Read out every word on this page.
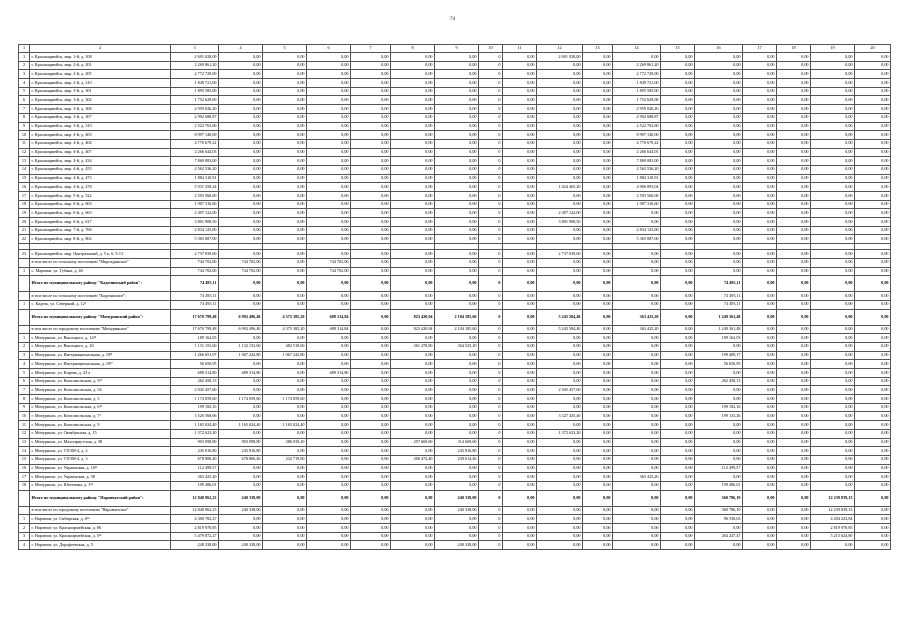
74
1	2	3	4	5	6	7	8	9	10	11	12	13	14	15	16	17	18	19	20
1	г. Красноармейск, мкр. 1-й, д. 108	2 691 028,00	0,00	0,00	0,00	0,00	0,00	0,00	0	0,00	2 691 028,00	0,00	0,00	0,00	0,00	0,00	0,00	0,00	0,00
2	г. Красноармейск, мкр. 2-й, д. 201	2 269 861,20	0,00	0,00	0,00	0,00	0,00	0,00	0	0,00	0,00	0,00	2 269 861,20	0,00	0,00	0,00	0,00	0,00	0,00
3	г. Красноармейск, мкр. 2-й, д. 205	2 772 729,00	0,00	0,00	0,00	0,00	0,00	0,00	0	0,00	0,00	0,00	2 772 729,00	0,00	0,00	0,00	0,00	0,00	0,00
4	г. Красноармейск, мкр. 2-й, д. 210	1 849 721,00	0,00	0,00	0,00	0,00	0,00	0,00	0	0,00	0,00	0,00	1 849 721,00	0,00	0,00	0,00	0,00	0,00	0,00
5	г. Красноармейск, мкр. 3-й, д. 301	1 895 585,00	0,00	0,00	0,00	0,00	0,00	0,00	0	0,00	0,00	0,00	1 895 585,00	0,00	0,00	0,00	0,00	0,00	0,00
6	г. Красноармейск, мкр. 3-й, д. 302	1 752 629,00	0,00	0,00	0,00	0,00	0,00	0,00	0	0,00	0,00	0,00	1 752 629,00	0,00	0,00	0,00	0,00	0,00	0,00
7	г. Красноармейск, мкр. 3-й, д. 306	2 959 026,20	0,00	0,00	0,00	0,00	0,00	0,00	0	0,00	0,00	0,00	2 959 026,20	0,00	0,00	0,00	0,00	0,00	0,00
8	г. Красноармейск, мкр. 3-й, д. 307	2 992 688,87	0,00	0,00	0,00	0,00	0,00	0,00	0	0,00	0,00	0,00	2 992 688,87	0,00	0,00	0,00	0,00	0,00	0,00
9	г. Красноармейск, мкр. 3-й, д. 310	2 522 763,60	0,00	0,00	0,00	0,00	0,00	0,00	0	0,00	0,00	0,00	2 522 763,60	0,00	0,00	0,00	0,00	0,00	0,00
10	г. Красноармейск, мкр. 4-й, д. 403	8 997 140,00	0,00	0,00	0,00	0,00	0,00	0,00	0	0,00	0,00	0,00	8 997 140,00	0,00	0,00	0,00	0,00	0,00	0,00
11	г. Красноармейск, мкр. 4-й, д. 404	4 770 679,22	0,00	0,00	0,00	0,00	0,00	0,00	0	0,00	0,00	0,00	4 770 679,22	0,00	0,00	0,00	0,00	0,00	0,00
12	г. Красноармейск, мкр. 4-й, д. 407	2 266 644,05	0,00	0,00	0,00	0,00	0,00	0,00	0	0,00	0,00	0,00	2 266 644,05	0,00	0,00	0,00	0,00	0,00	0,00
13	г. Красноармейск, мкр. 4-й, д. 434	7 869 083,00	0,00	0,00	0,00	0,00	0,00	0,00	0	0,00	0,00	0,00	7 869 083,00	0,00	0,00	0,00	0,00	0,00	0,00
14	г. Красноармейск, мкр. 4-й, д. 455	2 562 536,20	0,00	0,00	0,00	0,00	0,00	0,00	0	0,00	0,00	0,00	2 562 536,20	0,00	0,00	0,00	0,00	0,00	0,00
15	г. Красноармейск, мкр. 4-й, д. 473	1 884 310,91	0,00	0,00	0,00	0,00	0,00	0,00	0	0,00	0,00	0,00	1 884 310,91	0,00	0,00	0,00	0,00	0,00	0,00
16	г. Красноармейск, мкр. 4-й, д. 478	5 931 358,24	0,00	0,00	0,00	0,00	0,00	0,00	0	0,00	1 024 465,20	0,00	4 906 893,04	0,00	0,00	0,00	0,00	0,00	0,00
17	г. Красноармейск, мкр. 5-й, д. 522	2 593 560,00	0,00	0,00	0,00	0,00	0,00	0,00	0	0,00	0,00	0,00	2 593 560,00	0,00	0,00	0,00	0,00	0,00	0,00
18	г. Красноармейск, мкр. 6-й, д. 603	1 907 316,60	0,00	0,00	0,00	0,00	0,00	0,00	0	0,00	0,00	0,00	1 907 316,60	0,00	0,00	0,00	0,00	0,00	0,00
19	г. Красноармейск, мкр. 6-й, д. 663	2 497 122,00	0,00	0,00	0,00	0,00	0,00	0,00	0	0,00	2 497 122,00	0,00	0,00	0,00	0,00	0,00	0,00	0,00	0,00
20	г. Красноармейск, мкр. 6-й, д. 617	3 801 908,50	0,00	0,00	0,00	0,00	0,00	0,00	0	0,00	3 801 908,50	0,00	0,00	0,00	0,00	0,00	0,00	0,00	0,00
21	г. Красноармейск, мкр. 7-й, д. 706	2 834 125,00	0,00	0,00	0,00	0,00	0,00	0,00	0	0,00	0,00	0,00	2 834 125,00	0,00	0,00	0,00	0,00	0,00	0,00
22	г. Красноармейск, мкр. 8-й, д. 802	5 365 087,00	0,00	0,00	0,00	0,00	0,00	0,00	0	0,00	0,00	0,00	5 365 087,00	0,00	0,00	0,00	0,00	0,00	0,00

23	г. Красноармейск, мкр. Центральный, д. 5 к. 6, 5-13	2 737 039,60	0,00	0,00	0,00	0,00	0,00	0,00	0	0,00	2 737 039,60	0,00	0,00	0,00	0,00	0,00	0,00	0,00	0,00
	в том числе по сельскому поселению "Мирсадынское"	744 702,00	744 702,00	0,00	744 702,00	0,00	0,00	0,00	0	0,00	0,00	0,00	0,00	0,00	0,00	0,00	0,00	0,00	0,00
1	с. Марчаки, ул. Губина, д. 46	744 702,00	744 702,00	0,00	744 702,00	0,00	0,00	0,00	0	0,00	0,00	0,00	0,00	0,00	0,00	0,00	0,00	0,00	0,00
	Итого по муниципальному району "Кадочинский район":	74 495,11	0,00	0,00	0,00	0,00	0,00	0,00	0	0,00	0,00	0,00	0,00	0,00	74 495,11	0,00	0,00	0,00	0,00
	в том числе по сельскому поселению "Кадочинское":	74 495,11	0,00	0,00	0,00	0,00	0,00	0,00	0	0,00	0,00	0,00	0,00	0,00	74 495,11	0,00	0,00	0,00	0,00
1	с. Кадочь, ул. Северный, д. 12¹	74 495,11	0,00	0,00	0,00	0,00	0,00	0,00	0	0,00	0,00	0,00	0,00	0,00	74 495,11	0,00	0,00	0,00	0,00
	Итого по муниципальному району "Мичуринский район":	17 670 799,48	6 992 496,40	4 375 385,20	688 314,84	0,00	823 420,94	2 104 185,60	0	0,00	5 245 584,40	0,00	363 425,20	0,00	1 249 361,48	0,00	0,00	0,00	0,00
	в том числе по городскому поселению "Мичуринское"	17 670 799,48	6 992 496,40	4 375 385,20	688 314,84	0,00	823 420,94	2 104 185,60	0	0,00	5 245 584,40	0,00	363 425,20	0,00	1 249 361,48	0,00	0,00	0,00	0,00
1	г. Мичуринск, ул. Высоцкого, д. 14¹²	189 162,03	0,00	0,00	0,00	0,00	0,00	0,00	0	0,00	0,00	0,00	0,00	0,00	189 162,03	0,00	0,00	0,00	0,00
2	г. Мичуринск, ул. Высоцкого, д. 20	1 131 153,60	1 132 153,60	482 519,60	0,00	0,00	361 478,80	364 525,20	0	0,00	0,00	0,00	0,00	0,00	0,00	0,00	0,00	0,00	0,00
3	г. Мичуринск, ул. Интернациональная, д. 10²¹	1 266 651,97	1 067 242,80	1 067 242,80	0,00	0,00	0,00	0,00	0	0,00	0,00	0,00	0,00	0,00	199 409,17	0,00	0,00	0,00	0,00
4	г. Мичуринск, ул. Интернациональная, д. 10²⁷	56 650,95	0,00	0,00	0,00	0,00	0,00	0,00	0	0,00	0,00	0,00	0,00	0,00	56 650,95	0,00	0,00	0,00	0,00
5	г. Мичуринск, ул. Кирова, д. 23 а	689 314,80	689 314,80	0,00	689 314,80	0,00	0,00	0,00	0	0,00	0,00	0,00	0,00	0,00	0,00	0,00	0,00	0,00	0,00
6	г. Мичуринск, ул. Комсомольская, д. 5²¹	262 458,13	0,00	0,00	0,00	0,00	0,00	0,00	0	0,00	0,00	0,00	0,00	0,00	262 458,13	0,00	0,00	0,00	0,00
7	г. Мичуринск, ул. Комсомольская, д. 34	2 945 457,60	0,00	0,00	0,00	0,00	0,00	0,00	0	0,00	2 945 457,60	0,00	0,00	0,00	0,00	0,00	0,00	0,00	0,00
8	г. Мичуринск, ул. Комсомольская, д. 5	1 174 059,60	1 174 059,60	1 174 059,60	0,00	0,00	0,00	0,00	0	0,00	0,00	0,00	0,00	0,00	0,00	0,00	0,00	0,00	0,00
9	г. Мичуринск, ул. Комсомольская, д. 6¹²	199 182,16	0,00	0,00	0,00	0,00	0,00	0,00	0	0,00	0,00	0,00	0,00	0,00	199 182,16	0,00	0,00	0,00	0,00
10	г. Мичуринск, ул. Комсомольская, д. 7¹	3 526 568,66	0,00	0,00	0,00	0,00	0,00	0,00	0	0,00	3 327 435,40	0,00	0,00	0,00	199 133,26	0,00	0,00	0,00	0,00
11	г. Мичуринск, ул. Комсомольская, д. 9	1 165 024,40	1 165 024,40	1 165 024,40	0,00	0,00	0,00	0,00	0	0,00	0,00	0,00	0,00	0,00	0,00	0,00	0,00	0,00	0,00
12	г. Мичуринск, ул. Октябрьская, д. 15	1 372 623,20	0,00	0,00	0,00	0,00	0,00	0,00	0	0,00	1 372 623,20	0,00	0,00	0,00	0,00	0,00	0,00	0,00	0,00
13	г. Мичуринск, ул. Малоприутская, д. 38	903 098,80	903 098,80	386 039,20	0,00	0,00	257 669,60	314 669,60	0	0,00	0,00	0,00	0,00	0,00	0,00	0,00	0,00	0,00	0,00
14	г. Мичуринск, ул. ТХЭМ-4, д. 2	245 816,80	245 816,80	0,00	0,00	0,00	0,00	245 816,80	0	0,00	0,00	0,00	0,00	0,00	0,00	0,00	0,00	0,00	0,00
15	г. Мичуринск, ул. ТХЭМ-4, д. 3	678 806,40	678 806,40	232 719,60	0,00	0,00	206 472,40	239 614,40	0	0,00	0,00	0,00	0,00	0,00	0,00	0,00	0,00	0,00	0,00
16	г. Мичуринск, ул. Украинская, д. 16¹¹	112 499,57	0,00	0,00	0,00	0,00	0,00	0,00	0	0,00	0,00	0,00	0,00	0,00	112 499,57	0,00	0,00	0,00	0,00
17	г. Мичуринск, ул. Украинская, д. 38	363 425,20	0,00	0,00	0,00	0,00	0,00	0,00	0	0,00	0,00	0,00	363 425,20	0,00	0,00	0,00	0,00	0,00	0,00
18	г. Мичуринск, ул. Шехтмана, д. 3¹²	199 486,01	0,00	0,00	0,00	0,00	0,00	0,00	0	0,00	0,00	0,00	0,00	0,00	199 486,01	0,00	0,00	0,00	0,00
	Итого по муниципальному району "Наровчатский район":	12 840 962,23	240 338,00	0,00	0,00	0,00	0,00	240 338,00	0	0,00	0,00	0,00	0,00	0,00	360 786,10	0,00	0,00	12 239 839,13	0,00
	в том числе по городскому поселению "Наровчатское"	12 840 962,23	240 338,00	0,00	0,00	0,00	0,00	240 338,00	0	0,00	0,00	0,00	0,00	0,00	360 786,10	0,00	0,00	12 239 839,13	0,00
1	г. Наровчат, ул. Сибирская, д. 6¹²	4 300 782,47	0,00	0,00	0,00	0,00	0,00	0,00	0	0,00	0,00	0,00	0,00	0,00	96 538,63	0,00	0,00	4 204 243,84	0,00
2	г. Наровчат, ул. Красноармейская, д. 86	2 819 970,85	0,00	0,00	0,00	0,00	0,00	0,00	0	0,00	0,00	0,00	0,00	0,00	0,00	0,00	0,00	2 819 970,85	0,00
3	г. Наровчат, ул. Красноармейская, д. 5¹²	5 479 872,27	0,00	0,00	0,00	0,00	0,00	0,00	0	0,00	0,00	0,00	0,00	0,00	264 247,47	0,00	0,00	5 215 624,80	0,00
4	г. Наровчат, ул. Дорофеевская, д. 5	240 338,00	240 338,00	0,00	0,00	0,00	0,00	240 338,00	0	0,00	0,00	0,00	0,00	0,00	0,00	0,00	0,00	0,00	0,00
